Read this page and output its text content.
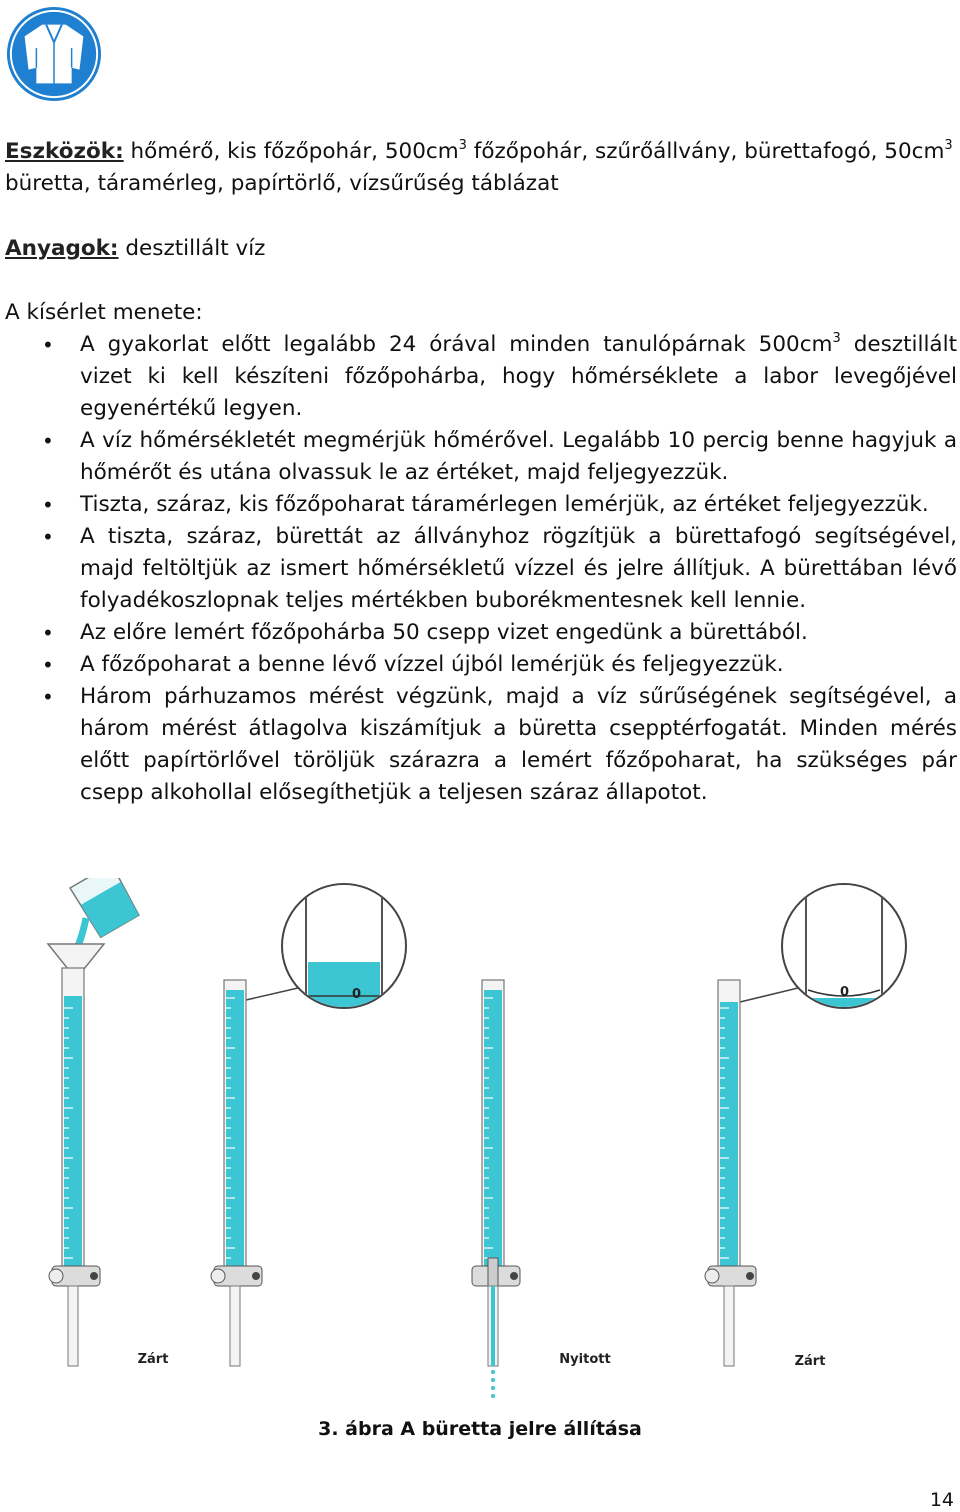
Eszközök: hőmérő, kis főzőpohár, $500cm^3$ főzőpohár, szűrőállvány, bürettafogó, $50cm^3$ büretta, táramérleg, papírtörlő, vízsűrűség táblázat
Anyagok: desztillált víz
A kísérlet menete:
• A gyakorlat előtt legalább 24 órával minden tanulópárnak $500cm^3$ desztillált vizet ki kell készíteni főzőpohárba, hogy hőmérséklete a labor levegőjével egyenértékű legyen.
• A víz hőmérsékletét megmérjük hőmérővel. Legalább 10 percig benne hagyjuk a hőmérőt és utána olvassuk le az értéket, majd feljegyezzük.
• Tiszta, száraz, kis főzőpoharat táramérlegen lemérjük, az értéket feljegyezzük.
• A tiszta, száraz, bürettát az állványhoz rögzítjük a bürettafogó segítségével, majd feltöltjük az ismert hőmérsékletű vízzel és jelre állítjuk. A bürettában lévő folyadékoszlopnak teljes mértékben buborékmentesnek kell lennie.
• Az előre lemért főzőpohárba 50 csepp vizet engedünk a bürettából.
• A főzőpoharat a benne lévő vízzel újból lemérjük és feljegyezzük.
• Három párhuzamos mérést végzünk, majd a víz sűrűségének segítségével, a három mérést átlagolva kiszámítjuk a büretta csepptérfogatát. Minden mérés előtt papírtörlővel töröljük szárazra a lemért főzőpoharat, ha szükséges pár csepp alkohollal elősegíthetjük a teljesen száraz állapotot.
Zárt
0
Nyitott
0
Zárt
3. ábra A büretta jelre állítása
14
